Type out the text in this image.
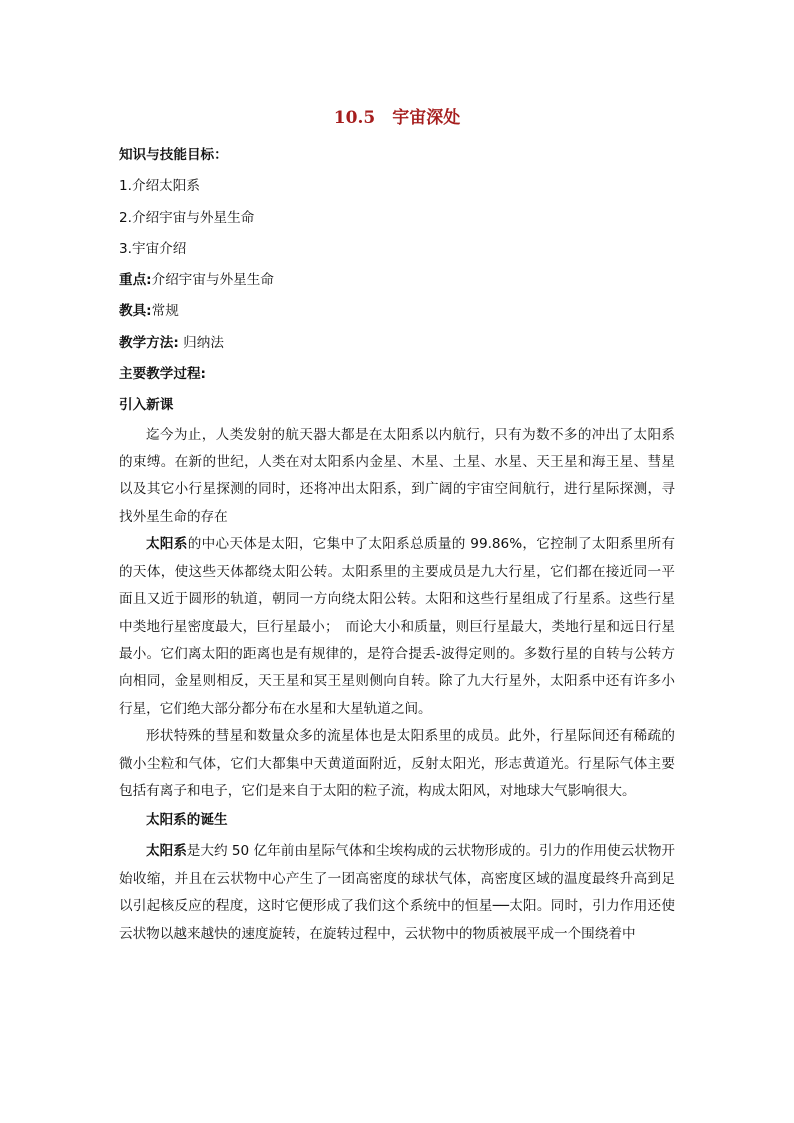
10.5　宇宙深处
知识与技能目标：
1.介绍太阳系
2.介绍宇宙与外星生命
3.宇宙介绍
重点:介绍宇宙与外星生命
教具:常规
教学方法: 归纳法
主要教学过程:
引入新课

迄今为止，人类发射的航天器大都是在太阳系以内航行，只有为数不多的冲出了太阳系的束缚。在新的世纪，人类在对太阳系内金星、木星、土星、水星、天王星和海王星、彗星以及其它小行星探测的同时，还将冲出太阳系，到广阔的宇宙空间航行，进行星际探测，寻找外星生命的存在

太阳系的中心天体是太阳，它集中了太阳系总质量的 99.86%，它控制了太阳系里所有的天体，使这些天体都绕太阳公转。太阳系里的主要成员是九大行星，它们都在接近同一平面且又近于圆形的轨道，朝同一方向绕太阳公转。太阳和这些行星组成了行星系。这些行星中类地行星密度最大，巨行星最小；　而论大小和质量，则巨行星最大，类地行星和远日行星最小。它们离太阳的距离也是有规律的，是符合提丢-波得定则的。多数行星的自转与公转方向相同，金星则相反，天王星和冥王星则侧向自转。除了九大行星外，太阳系中还有许多小行星，它们绝大部分都分布在水星和大星轨道之间。

形状特殊的彗星和数量众多的流星体也是太阳系里的成员。此外，行星际间还有稀疏的微小尘粒和气体，它们大都集中天黄道面附近，反射太阳光，形志黄道光。行星际气体主要包括有离子和电子，它们是来自于太阳的粒子流，构成太阳风，对地球大气影响很大。

太阳系的诞生

太阳系是大约 50 亿年前由星际气体和尘埃构成的云状物形成的。引力的作用使云状物开始收缩，并且在云状物中心产生了一团高密度的球状气体，高密度区域的温度最终升高到足以引起核反应的程度，这时它便形成了我们这个系统中的恒星──太阳。同时，引力作用还使云状物以越来越快的速度旋转，在旋转过程中，云状物中的物质被展平成一个围绕着中
